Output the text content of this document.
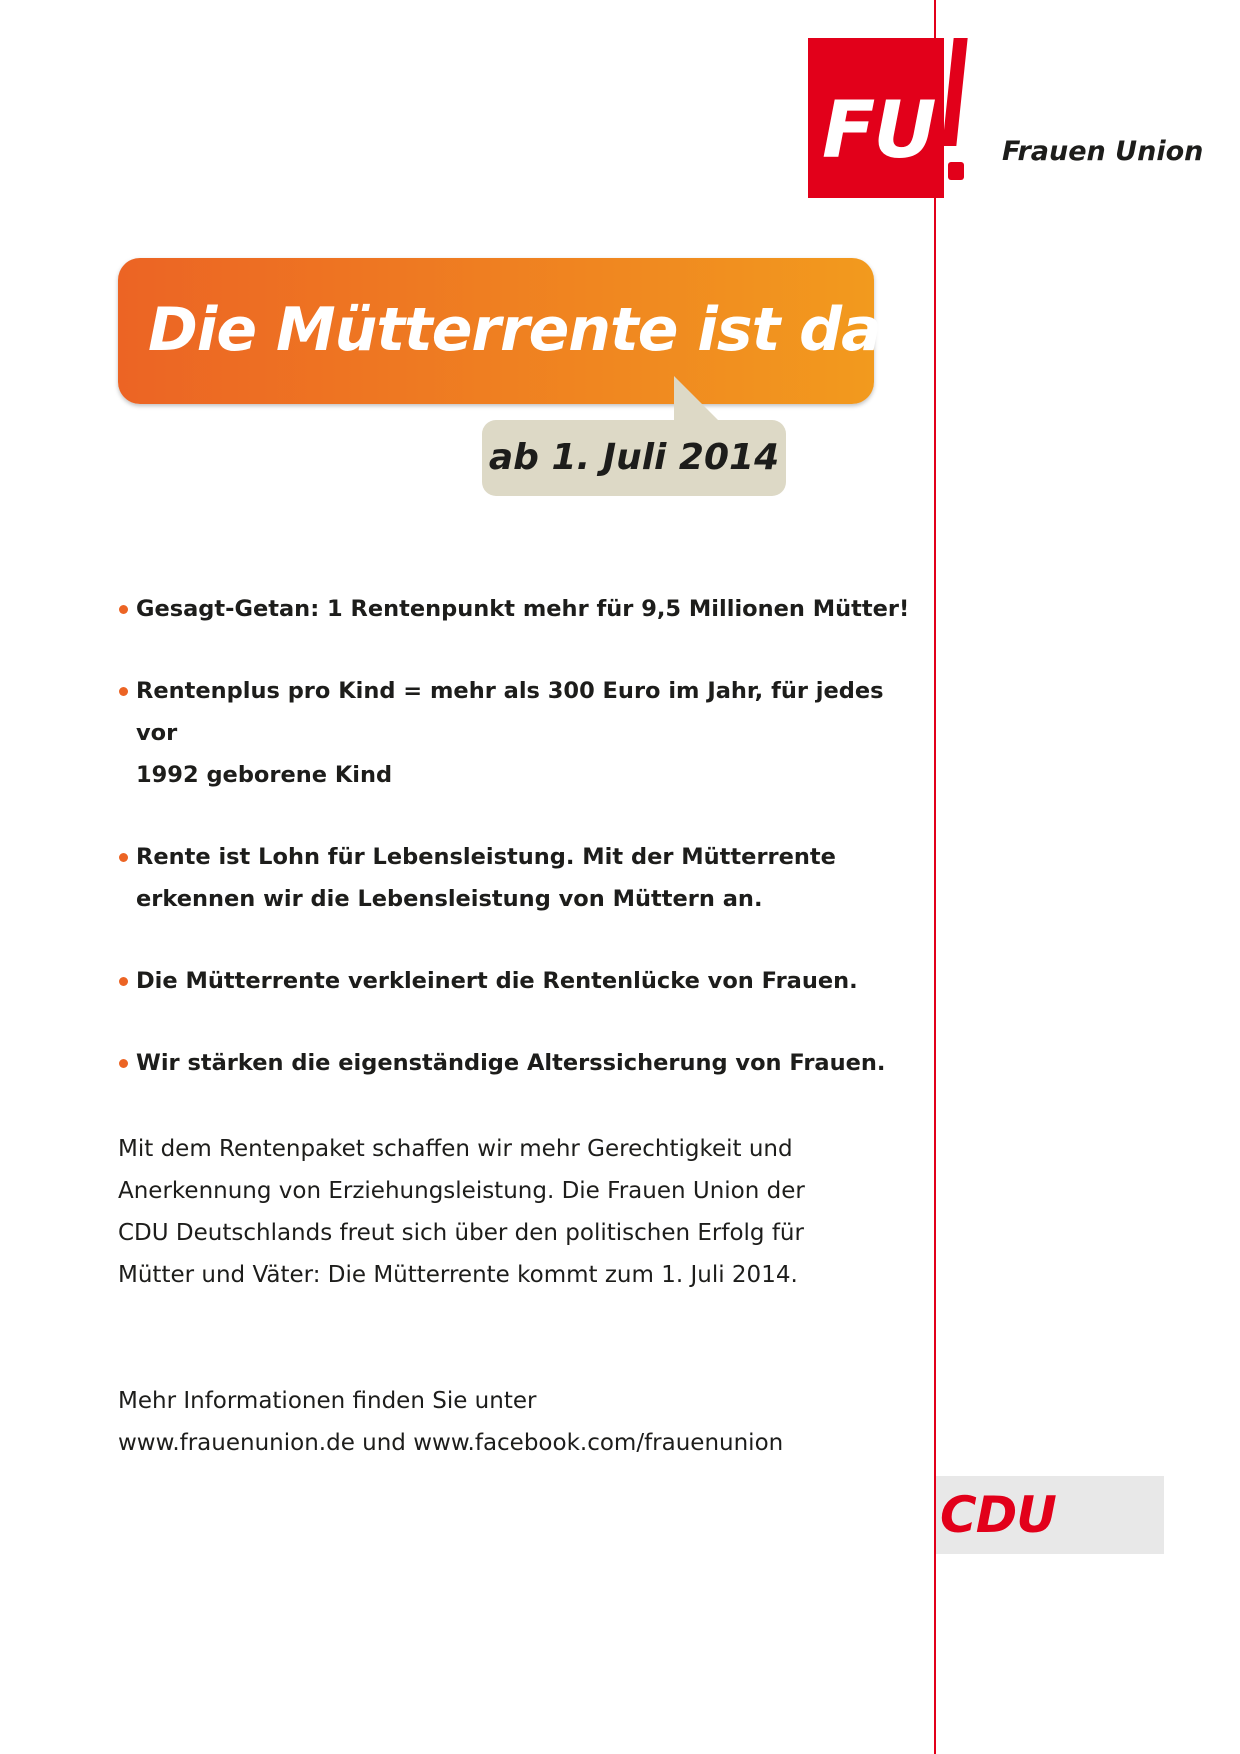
FU Frauen Union
Die Mütterrente ist da!
ab 1. Juli 2014
Gesagt-Getan: 1 Rentenpunkt mehr für 9,5 Millionen Mütter!
Rentenplus pro Kind = mehr als 300 Euro im Jahr, für jedes vor
1992 geborene Kind
Rente ist Lohn für Lebensleistung. Mit der Mütterrente
erkennen wir die Lebensleistung von Müttern an.
Die Mütterrente verkleinert die Rentenlücke von Frauen.
Wir stärken die eigenständige Alterssicherung von Frauen.
Mit dem Rentenpaket schaffen wir mehr Gerechtigkeit und
Anerkennung von Erziehungsleistung. Die Frauen Union der
CDU Deutschlands freut sich über den politischen Erfolg für
Mütter und Väter: Die Mütterrente kommt zum 1. Juli 2014.
Mehr Informationen finden Sie unter
www.frauenunion.de und www.facebook.com/frauenunion
CDU
